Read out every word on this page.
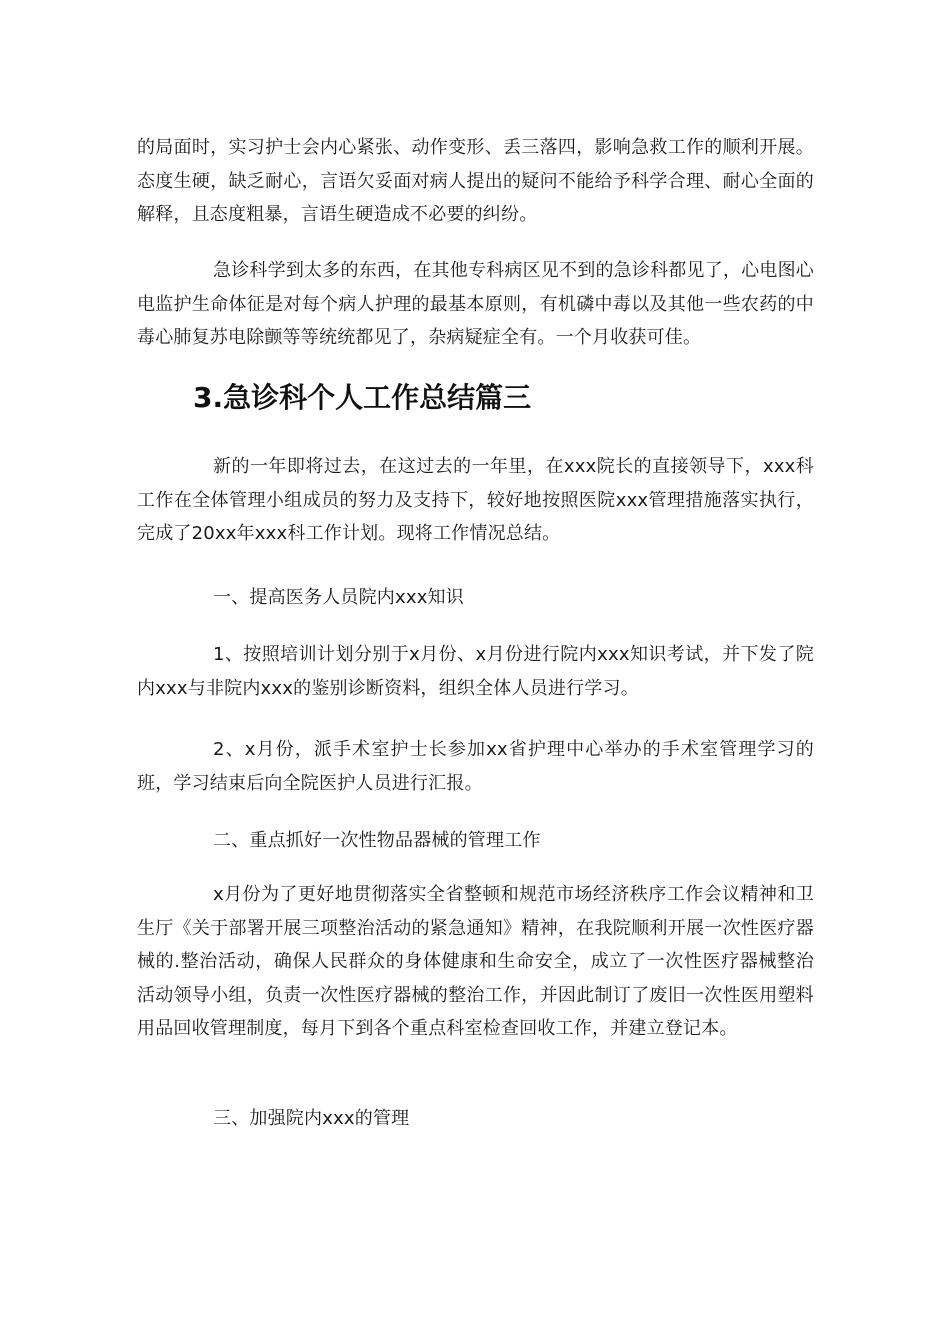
的局面时，实习护士会内心紧张、动作变形、丢三落四，影响急救工作的顺利开展。态度生硬，缺乏耐心，言语欠妥面对病人提出的疑问不能给予科学合理、耐心全面的解释，且态度粗暴，言语生硬造成不必要的纠纷。

急诊科学到太多的东西，在其他专科病区见不到的急诊科都见了，心电图心电监护生命体征是对每个病人护理的最基本原则，有机磷中毒以及其他一些农药的中毒心肺复苏电除颤等等统统都见了，杂病疑症全有。一个月收获可佳。

3.急诊科个人工作总结篇三

新的一年即将过去，在这过去的一年里，在xxx院长的直接领导下，xxx科工作在全体管理小组成员的努力及支持下，较好地按照医院xxx管理措施落实执行，完成了20xx年xxx科工作计划。现将工作情况总结。

一、提高医务人员院内xxx知识

1、按照培训计划分别于x月份、x月份进行院内xxx知识考试，并下发了院内xxx与非院内xxx的鉴别诊断资料，组织全体人员进行学习。

2、x月份，派手术室护士长参加xx省护理中心举办的手术室管理学习的班，学习结束后向全院医护人员进行汇报。

二、重点抓好一次性物品器械的管理工作

x月份为了更好地贯彻落实全省整顿和规范市场经济秩序工作会议精神和卫生厅《关于部署开展三项整治活动的紧急通知》精神，在我院顺利开展一次性医疗器械的.整治活动，确保人民群众的身体健康和生命安全，成立了一次性医疗器械整治活动领导小组，负责一次性医疗器械的整治工作，并因此制订了废旧一次性医用塑料用品回收管理制度，每月下到各个重点科室检查回收工作，并建立登记本。

三、加强院内xxx的管理
